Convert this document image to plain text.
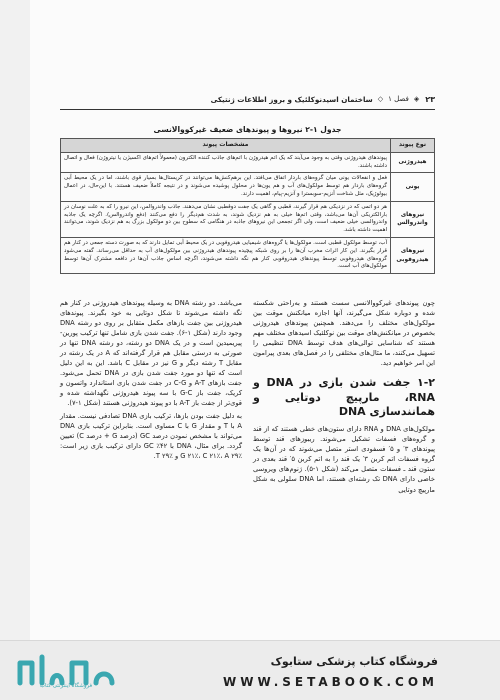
۲۳
◈
فصل ۱
◇
ساختمان اسیدنوکلئیک و بروز اطلاعات ژنتیکی
جدول ۱-۲ نیروها و پیوندهای ضعیف غیرکووالانسی
نوع پیوند	مشخصات پیوند
هیدروژنی	پیوندهای هیدروژنی وقتی به وجود می‌آیند که یک اتم هیدروژن با اتم‌های جاذب کننده الکترون (معمولاً اتم‌های اکسیژن یا نیتروژن) فعال و اتصال داشته باشند.
یونی	فعل و انفعالات یونی میان گروه‌های باردار اتفاق می‌افتد. این برهم‌کنش‌ها می‌توانند در کریستال‌ها بسیار قوی باشند، اما در یک محیط آبی گروه‌های باردار هم توسط مولکول‌های آب و هم یون‌ها در محلول پوشیده می‌شوند و در نتیجه کاملاً ضعیف هستند. با این‌حال، در اعمال بیولوژیک، مثل شناخت آنزیم-سوبسترا و آنزیم-پیام، اهمیت دارند.
نیروهای واندروالس	هر دو اتمی که در نزدیکی هم قرار گیرند، قطبی و گاهی یک جفت دوقطبی نشان می‌دهند. ‌جاذب واندروالس، این نیرو را که به علت نوسان در بارالکتریکی آن‌ها می‌باشد، وقتی اتم‌ها خیلی به هم نزدیک شوند، به ‌شدت هم‌دیگر را دفع می‌کنند (دفع واندروالس). اگرچه یک جاذبه واندروالسی خیلی ضعیف است، ولی اگر تجمعی این نیروهای جاذبه در هنگامی که سطوح بین دو مولکول بزرگ به هم نزدیک شوند، می‌توانند اهمیت داشته باشد.
نیروهای هیدروفوبی	آب، توسط مولکول قطبی است. مولکول‌ها یا گروه‌های شیمیایی هیدروفوبی در یک محیط آبی تمایل دارند که به صورت دسته جمعی در کنار هم قرار بگیرند. این کار اثرات مخرب آن‌ها را بر روی شبکه پیچیده پیوندهای هیدروژنی بین مولکول‌های آب به حداقل می‌رساند. گفته می‌شود گروه‌های هیدروفوبی توسط پیوندهای هیدروفوبی کنار هم نگه داشته می‌شوند، اگرچه اساس جاذب آن‌ها در دافعه مشترک آن‌ها توسط مولکول‌های آب است.

چون پیوندهای غیرکووالانسی سست هستند و به‌راحتی شکسته شده و دوباره شکل می‌گیرند، آنها اجازه میانکنش موقت بین مولکول‌های مختلف را می‌دهند. همچنین پیوندهای هیدروژنی بخصوص در میانکنش‌های موقت بین نوکلئیک اسیدهای مختلف مهم هستند که شناسایی توالی‌های هدف توسط DNA تنظیمی را تسهیل می‌کنند، ما مثال‌های مختلفی را در فصل‌های بعدی پیرامون این امر خواهیم دید.

۱-۲ جفت شدن بازی در DNA و RNA، مارپیچ دوتایی و همانندسازی DNA

مولکول‌های DNA و RNA دارای ستون‌های خطی هستند که از قند و گروه‌های فسفات تشکیل می‌شوند. ریبوزهای قند توسط پیوندهای ۳′ و ۵′ فسفودی استر متصل می‌شوند که در آن‌ها یک گروه فسفات اتم کربن ۳′ یک قند را به اتم کربن ۵′ قند بعدی در ستون قند ـ فسفات متصل می‌کند (شکل ۱-۵). ژنوم‌های ویروسی خاصی دارای DNA تک رشته‌ای هستند، اما DNA سلولی به شکل مارپیچ دوتایی

می‌باشد. دو رشته DNA به وسیله پیوندهای هیدروژنی در کنار هم نگه داشته می‌شوند تا شکل دوتایی به خود بگیرند. پیوندهای هیدروژنی بین جفت بازهای مکمل متقابل بر روی دو رشته DNA وجود دارند (شکل ۱-۶). جفت شدن بازی شامل تنها ترکیب پورین-پیریمیدین است و در یک DNA دو رشته، دو رشته DNA تنها در صورتی به درستی مقابل هم قرار گرفته‌اند که A در یک رشته در مقابل T رشته دیگر و G نیز در مقابل C باشد. این به این دلیل است که تنها دو مورد جفت شدن بازی در DNA تحمل می‌شود. جفت بازهای A-T و C-G در جفت شدن بازی استاندارد واتسون و کریک، جفت باز G-C با سه پیوند هیدروژنی نگهداشته شده و قوی‌تر از جفت باز A-T با دو پیوند هیدروژنی هستند (شکل ۱-۷).

به دلیل جفت بودن بازها، ترکیب بازی DNA تصادفی نیست. مقدار A با T و مقدار G با C مساوی است. بنابراین ترکیب بازی DNA می‌تواند با مشخص نمودن درصد GC (درصد G + درصد C) تعیین گردد. برای مثال، DNA با ۴۲٪ GC دارای ترکیب بازی زیر است: G ۲۱٪، C ۲۱٪، A ۲۹٪ و T ۲۹٪.

فروشگاه اینترنتی کتاب
فروشگاه کتاب پزشکی ستابوک
WWW.SETABOOK.COM
